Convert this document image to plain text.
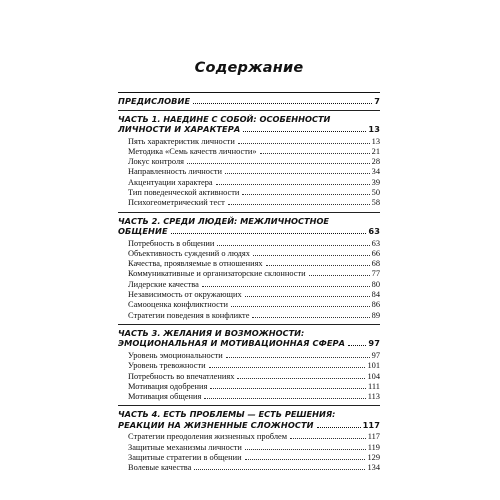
Содержание
ПРЕДИСЛОВИЕ	7
ЧАСТЬ 1. НАЕДИНЕ С СОБОЙ: ОСОБЕННОСТИ
ЛИЧНОСТИ И ХАРАКТЕРА	13
Пять характеристик личности	13
Методика «Семь качеств личности»	21
Локус контроля	28
Направленность личности	34
Акцентуации характера	39
Тип поведенческой активности	50
Психогеометрический тест	58
ЧАСТЬ 2. СРЕДИ ЛЮДЕЙ: МЕЖЛИЧНОСТНОЕ
ОБЩЕНИЕ	63
Потребность в общении	63
Объективность суждений о людях	66
Качества, проявляемые в отношениях	68
Коммуникативные и организаторские склонности	77
Лидерские качества	80
Независимость от окружающих	84
Самооценка конфликтности	86
Стратегии поведения в конфликте	89
ЧАСТЬ 3. ЖЕЛАНИЯ И ВОЗМОЖНОСТИ:
ЭМОЦИОНАЛЬНАЯ И МОТИВАЦИОННАЯ СФЕРА	97
Уровень эмоциональности	97
Уровень тревожности	101
Потребность во впечатлениях	104
Мотивация одобрения	111
Мотивация общения	113
ЧАСТЬ 4. ЕСТЬ ПРОБЛЕМЫ — ЕСТЬ РЕШЕНИЯ:
РЕАКЦИИ НА ЖИЗНЕННЫЕ СЛОЖНОСТИ	117
Стратегии преодоления жизненных проблем	117
Защитные механизмы личности	119
Защитные стратегии в общении	129
Волевые качества	134
